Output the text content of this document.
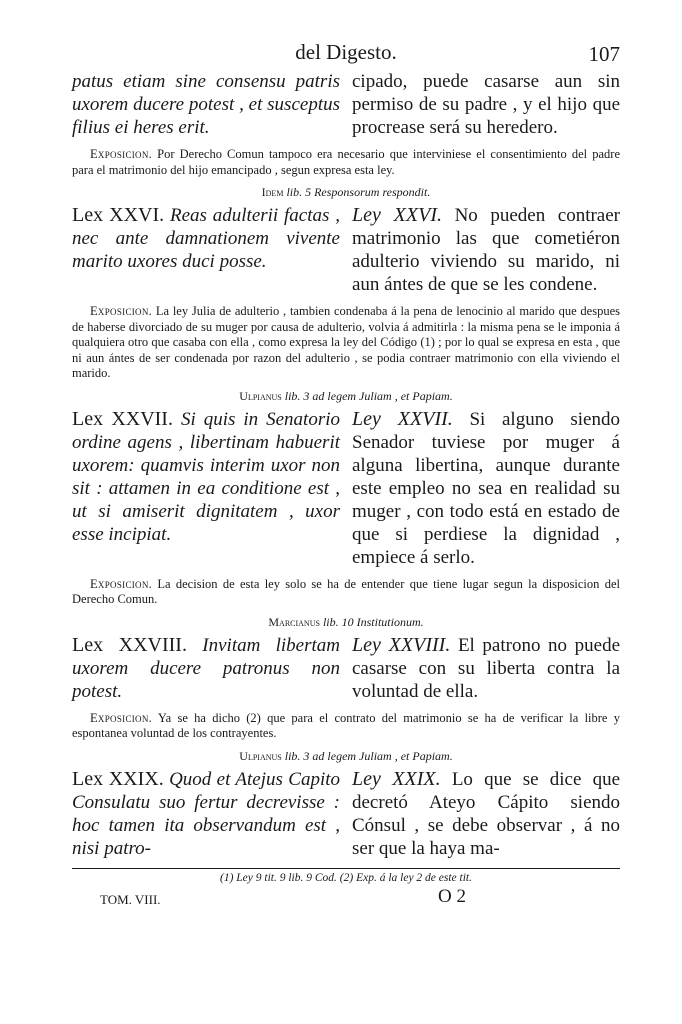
del Digesto.	107
patus etiam sine consensu patris uxorem ducere potest , et susceptus filius ei heres erit.
cipado, puede casarse aun sin permiso de su padre , y el hijo que procrease será su heredero.
Exposicion. Por Derecho Comun tampoco era necesario que interviniese el consentimiento del padre para el matrimonio del hijo emancipado , segun expresa esta ley.
Idem lib. 5 Responsorum respondit.
Lex XXVI. Reas adulterii factas , nec ante damnationem vivente marito uxores duci posse.
Ley XXVI. No pueden contraer matrimonio las que cometiéron adulterio viviendo su marido, ni aun ántes de que se les condene.
Exposicion. La ley Julia de adulterio , tambien condenaba á la pena de lenocinio al marido que despues de haberse divorciado de su muger por causa de adulterio, volvia á admitirla : la misma pena se le imponia á qualquiera otro que casaba con ella , como expresa la ley del Código (1) ; por lo qual se expresa en esta , que ni aun ántes de ser condenada por razon del adulterio , se podia contraer matrimonio con ella viviendo el marido.
Ulpianus lib. 3 ad legem Juliam , et Papiam.
Lex XXVII. Si quis in Senatorio ordine agens , libertinam habuerit uxorem: quamvis interim uxor non sit : attamen in ea conditione est , ut si amiserit dignitatem , uxor esse incipiat.
Ley XXVII. Si alguno siendo Senador tuviese por muger á alguna libertina, aunque durante este empleo no sea en realidad su muger , con todo está en estado de que si perdiese la dignidad , empiece á serlo.
Exposicion. La decision de esta ley solo se ha de entender que tiene lugar segun la disposicion del Derecho Comun.
Marcianus lib. 10 Institutionum.
Lex XXVIII. Invitam libertam uxorem ducere patronus non potest.
Ley XXVIII. El patrono no puede casarse con su liberta contra la voluntad de ella.
Exposicion. Ya se ha dicho (2) que para el contrato del matrimonio se ha de verificar la libre y espontanea voluntad de los contrayentes.
Ulpianus lib. 3 ad legem Juliam , et Papiam.
Lex XXIX. Quod et Atejus Capito Consulatu suo fertur decrevisse : hoc tamen ita observandum est , nisi patro-
Ley XXIX. Lo que se dice que decretó Ateyo Cápito siendo Cónsul , se debe observar , á no ser que la haya ma-
(1) Ley 9 tit. 9 lib. 9 Cod. (2) Exp. á la ley 2 de este tit.
TOM. VIII.	O 2
